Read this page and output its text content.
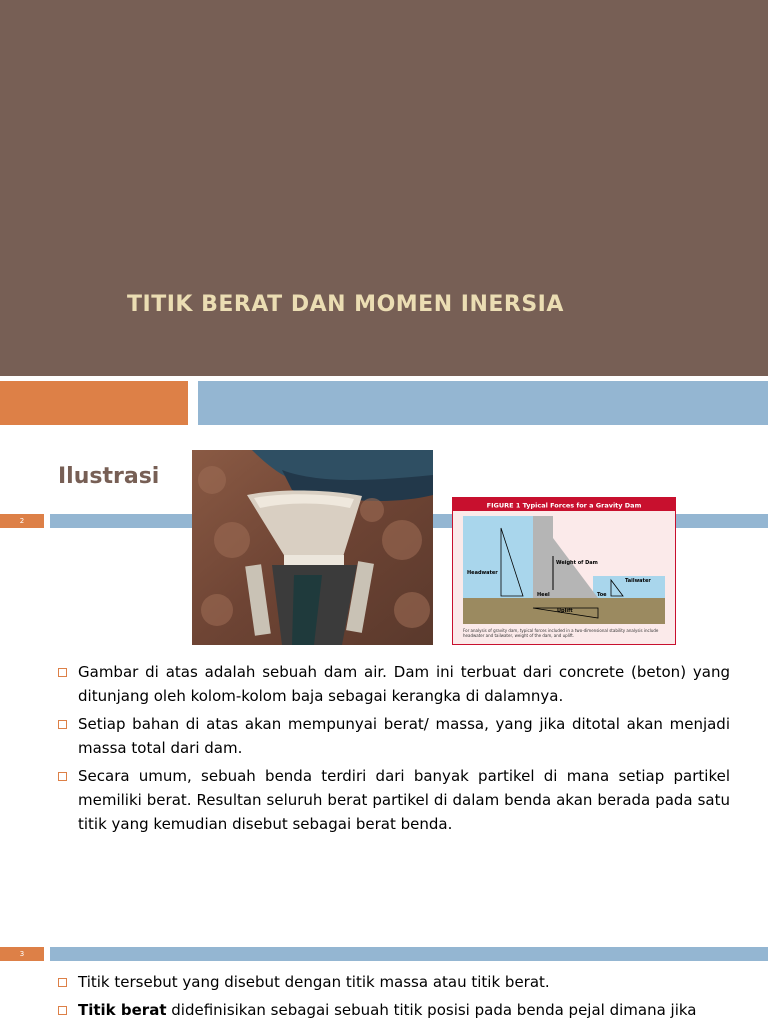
TITIK BERAT DAN MOMEN INERSIA
Ilustrasi
2
FIGURE 1 Typical Forces for a Gravity Dam
Headwater
Weight of Dam
Tailwater
Heel	Toe
Uplift
For analysis of gravity dam, typical forces included in a two-dimensional stability analysis include headwater and tailwater, weight of the dam, and uplift.
Gambar di atas adalah sebuah dam air. Dam ini terbuat dari concrete (beton) yang ditunjang oleh kolom-kolom baja sebagai kerangka di dalamnya.
Setiap bahan di atas akan mempunyai berat/ massa, yang jika ditotal akan menjadi massa total dari dam.
Secara umum, sebuah benda terdiri dari banyak partikel di mana setiap partikel memiliki berat. Resultan seluruh berat partikel di dalam benda akan berada pada satu titik yang kemudian disebut sebagai berat benda.
3
Titik tersebut yang disebut dengan titik massa atau titik berat.
Titik berat didefinisikan sebagai sebuah titik posisi pada benda pejal dimana jika
